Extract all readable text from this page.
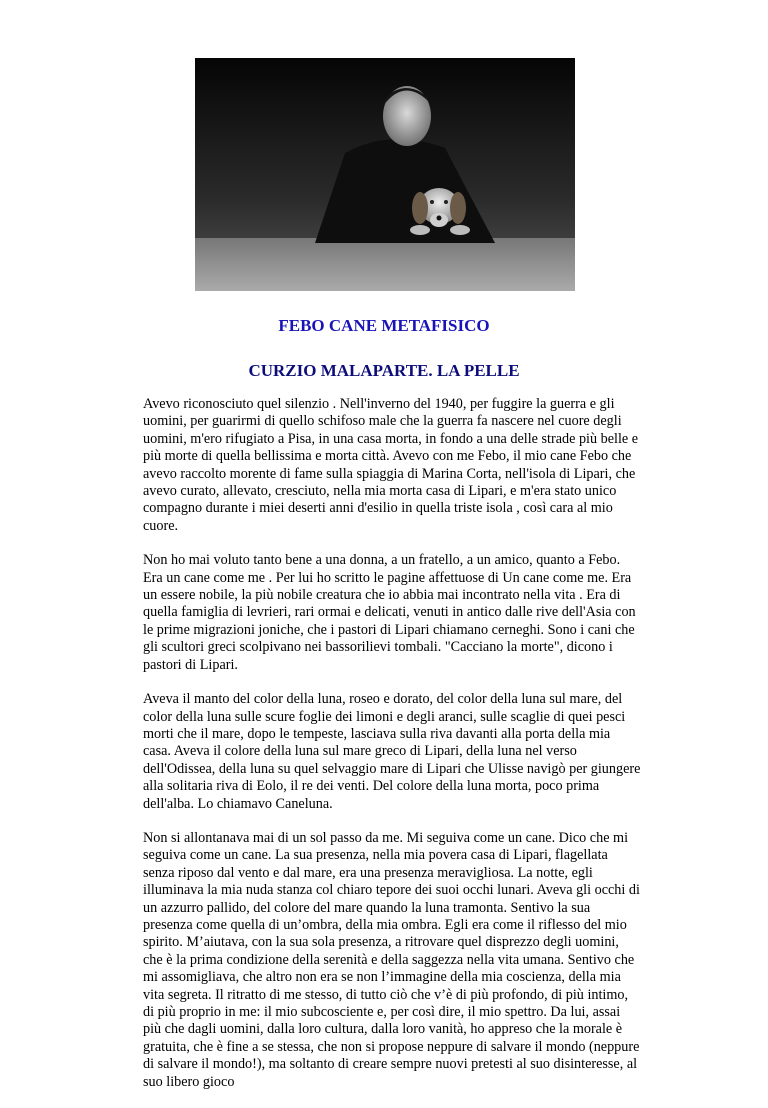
FEBO CANE METAFISICO
CURZIO MALAPARTE. LA PELLE

Avevo riconosciuto quel silenzio . Nell'inverno del 1940, per fuggire la guerra e gli uomini, per guarirmi di quello schifoso male che la guerra fa nascere nel cuore degli uomini, m'ero rifugiato a Pisa, in una casa morta, in fondo a una delle strade più belle e più morte di quella bellissima e morta città. Avevo con me Febo, il mio cane Febo che avevo raccolto morente di fame sulla spiaggia di Marina Corta, nell'isola di Lipari, che avevo curato, allevato, cresciuto, nella mia morta casa di Lipari, e m'era stato unico compagno durante i miei deserti anni d'esilio in quella triste isola , così cara al mio cuore.

Non ho mai voluto tanto bene a una donna, a un fratello, a un amico, quanto a Febo. Era un cane come me . Per lui ho scritto le pagine affettuose di Un cane come me. Era un essere nobile, la più nobile creatura che io abbia mai incontrato nella vita . Era di quella famiglia di levrieri, rari ormai e delicati, venuti in antico dalle rive dell'Asia con le prime migrazioni joniche, che i pastori di Lipari chiamano cerneghi. Sono i cani che gli scultori greci scolpivano nei bassorilievi tombali. "Cacciano la morte", dicono i pastori di Lipari.

Aveva il manto del color della luna, roseo e dorato, del color della luna sul mare, del color della luna sulle scure foglie dei limoni e degli aranci, sulle scaglie di quei pesci morti che il mare, dopo le tempeste, lasciava sulla riva davanti alla porta della mia casa. Aveva il colore della luna sul mare greco di Lipari, della luna nel verso dell'Odissea, della luna su quel selvaggio mare di Lipari che Ulisse navigò per giungere alla solitaria riva di Eolo, il re dei venti. Del colore della luna morta, poco prima dell'alba. Lo chiamavo Caneluna.

Non si allontanava mai di un sol passo da me. Mi seguiva come un cane. Dico che mi seguiva come un cane. La sua presenza, nella mia povera casa di Lipari, flagellata senza riposo dal vento e dal mare, era una presenza meravigliosa. La notte, egli illuminava la mia nuda stanza col chiaro tepore dei suoi occhi lunari. Aveva gli occhi di un azzurro pallido, del colore del mare quando la luna tramonta. Sentivo la sua presenza come quella di un’ombra, della mia ombra. Egli era come il riflesso del mio spirito. M’aiutava, con la sua sola presenza, a ritrovare quel disprezzo degli uomini, che è la prima condizione della serenità e della saggezza nella vita umana. Sentivo che mi assomigliava, che altro non era se non l’immagine della mia coscienza, della mia vita segreta. Il ritratto di me stesso, di tutto ciò che v’è di più profondo, di più intimo, di più proprio in me: il mio subcosciente e, per così dire, il mio spettro. Da lui, assai più che dagli uomini, dalla loro cultura, dalla loro vanità, ho appreso che la morale è gratuita, che è fine a se stessa, che non si propose neppure di salvare il mondo (neppure di salvare il mondo!), ma soltanto di creare sempre nuovi pretesti al suo disinteresse, al suo libero gioco
